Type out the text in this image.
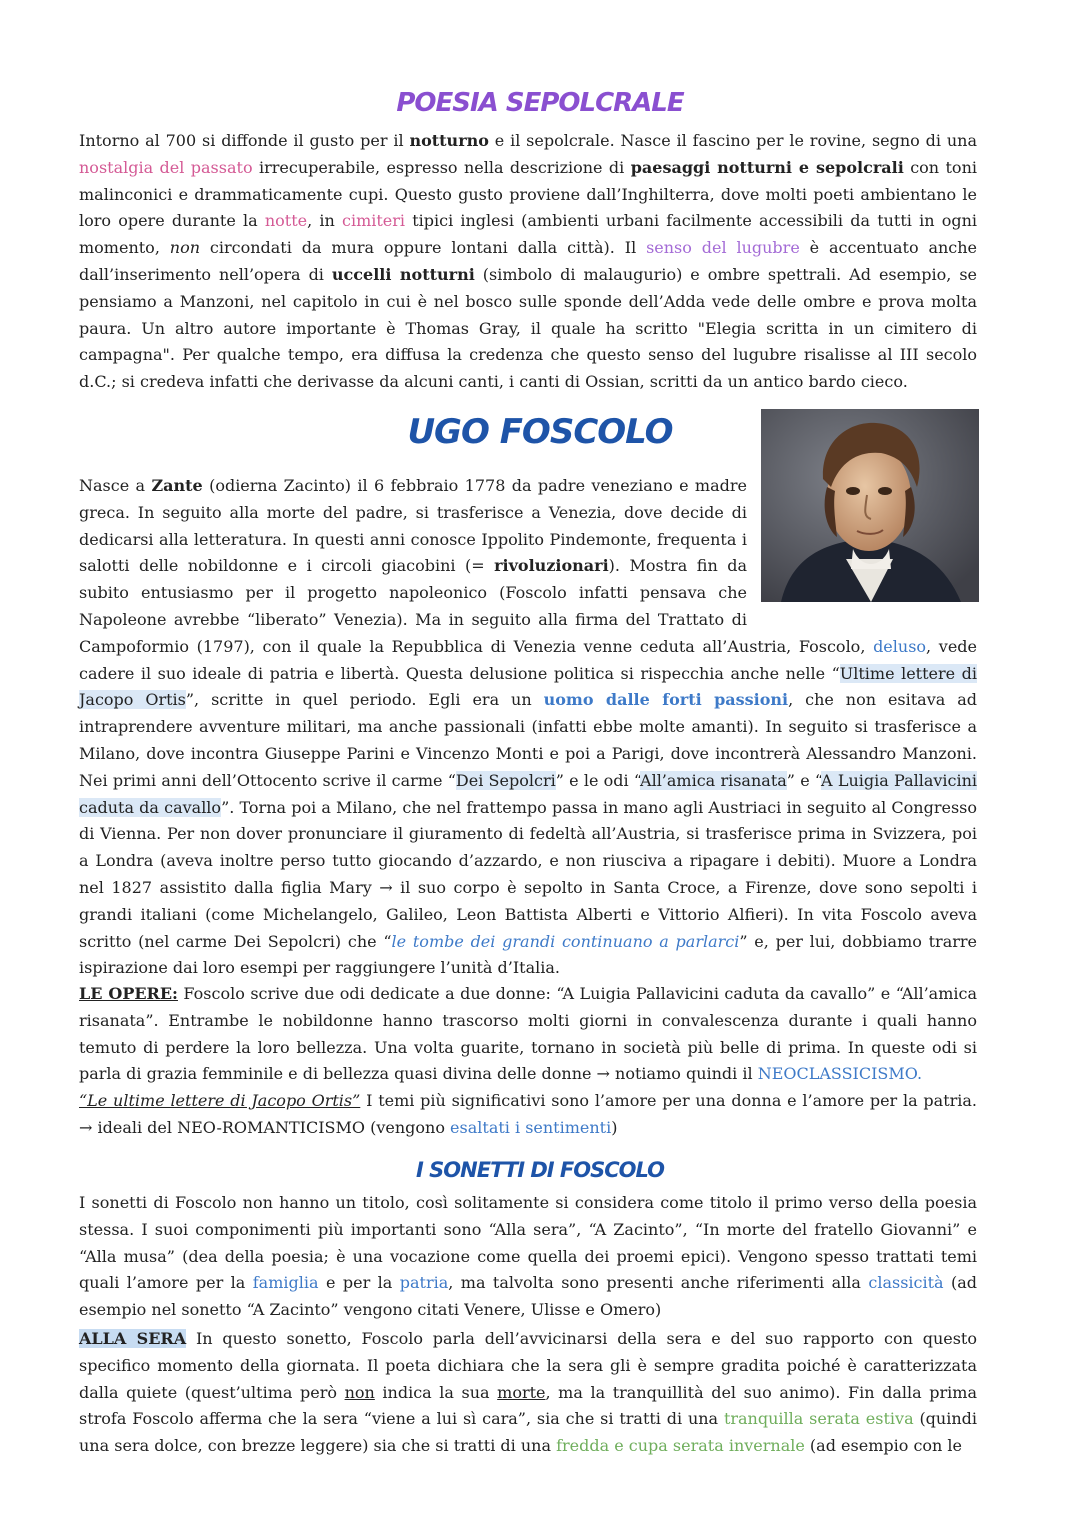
POESIA SEPOLCRALE

Intorno al 700 si diffonde il gusto per il notturno e il sepolcrale. Nasce il fascino per le rovine, segno di una nostalgia del passato irrecuperabile, espresso nella descrizione di paesaggi notturni e sepolcrali con toni malinconici e drammaticamente cupi. Questo gusto proviene dall’Inghilterra, dove molti poeti ambientano le loro opere durante la notte, in cimiteri tipici inglesi (ambienti urbani facilmente accessibili da tutti in ogni momento, non circondati da mura oppure lontani dalla città). Il senso del lugubre è accentuato anche dall’inserimento nell’opera di uccelli notturni (simbolo di malaugurio) e ombre spettrali. Ad esempio, se pensiamo a Manzoni, nel capitolo in cui è nel bosco sulle sponde dell’Adda vede delle ombre e prova molta paura. Un altro autore importante è Thomas Gray, il quale ha scritto "Elegia scritta in un cimitero di campagna". Per qualche tempo, era diffusa la credenza che questo senso del lugubre risalisse al III secolo d.C.; si credeva infatti che derivasse da alcuni canti, i canti di Ossian, scritti da un antico bardo cieco.

UGO FOSCOLO

Nasce a Zante (odierna Zacinto) il 6 febbraio 1778 da padre veneziano e madre greca. In seguito alla morte del padre, si trasferisce a Venezia, dove decide di dedicarsi alla letteratura. In questi anni conosce Ippolito Pindemonte, frequenta i salotti delle nobildonne e i circoli giacobini (= rivoluzionari). Mostra fin da subito entusiasmo per il progetto napoleonico (Foscolo infatti pensava che Napoleone avrebbe “liberato” Venezia). Ma in seguito alla firma del Trattato di Campoformio (1797), con il quale la Repubblica di Venezia venne ceduta all’Austria, Foscolo, deluso, vede cadere il suo ideale di patria e libertà. Questa delusione politica si rispecchia anche nelle “Ultime lettere di Jacopo Ortis”, scritte in quel periodo. Egli era un uomo dalle forti passioni, che non esitava ad intraprendere avventure militari, ma anche passionali (infatti ebbe molte amanti). In seguito si trasferisce a Milano, dove incontra Giuseppe Parini e Vincenzo Monti e poi a Parigi, dove incontrerà Alessandro Manzoni. Nei primi anni dell’Ottocento scrive il carme “Dei Sepolcri” e le odi “All’amica risanata” e “A Luigia Pallavicini caduta da cavallo”. Torna poi a Milano, che nel frattempo passa in mano agli Austriaci in seguito al Congresso di Vienna. Per non dover pronunciare il giuramento di fedeltà all’Austria, si trasferisce prima in Svizzera, poi a Londra (aveva inoltre perso tutto giocando d’azzardo, e non riusciva a ripagare i debiti). Muore a Londra nel 1827 assistito dalla figlia Mary → il suo corpo è sepolto in Santa Croce, a Firenze, dove sono sepolti i grandi italiani (come Michelangelo, Galileo, Leon Battista Alberti e Vittorio Alfieri). In vita Foscolo aveva scritto (nel carme Dei Sepolcri) che “le tombe dei grandi continuano a parlarci” e, per lui, dobbiamo trarre ispirazione dai loro esempi per raggiungere l’unità d’Italia.

LE OPERE: Foscolo scrive due odi dedicate a due donne: “A Luigia Pallavicini caduta da cavallo” e “All’amica risanata”. Entrambe le nobildonne hanno trascorso molti giorni in convalescenza durante i quali hanno temuto di perdere la loro bellezza. Una volta guarite, tornano in società più belle di prima. In queste odi si parla di grazia femminile e di bellezza quasi divina delle donne → notiamo quindi il NEOCLASSICISMO.
“Le ultime lettere di Jacopo Ortis” I temi più significativi sono l’amore per una donna e l’amore per la patria. → ideali del NEO-ROMANTICISMO (vengono esaltati i sentimenti)

I SONETTI DI FOSCOLO

I sonetti di Foscolo non hanno un titolo, così solitamente si considera come titolo il primo verso della poesia stessa. I suoi componimenti più importanti sono “Alla sera”, “A Zacinto”, “In morte del fratello Giovanni” e “Alla musa” (dea della poesia; è una vocazione come quella dei proemi epici). Vengono spesso trattati temi quali l’amore per la famiglia e per la patria, ma talvolta sono presenti anche riferimenti alla classicità (ad esempio nel sonetto “A Zacinto” vengono citati Venere, Ulisse e Omero)

ALLA SERA In questo sonetto, Foscolo parla dell’avvicinarsi della sera e del suo rapporto con questo specifico momento della giornata. Il poeta dichiara che la sera gli è sempre gradita poiché è caratterizzata dalla quiete (quest’ultima però non indica la sua morte, ma la tranquillità del suo animo). Fin dalla prima strofa Foscolo afferma che la sera “viene a lui sì cara”, sia che si tratti di una tranquilla serata estiva (quindi una sera dolce, con brezze leggere) sia che si tratti di una fredda e cupa serata invernale (ad esempio con le
